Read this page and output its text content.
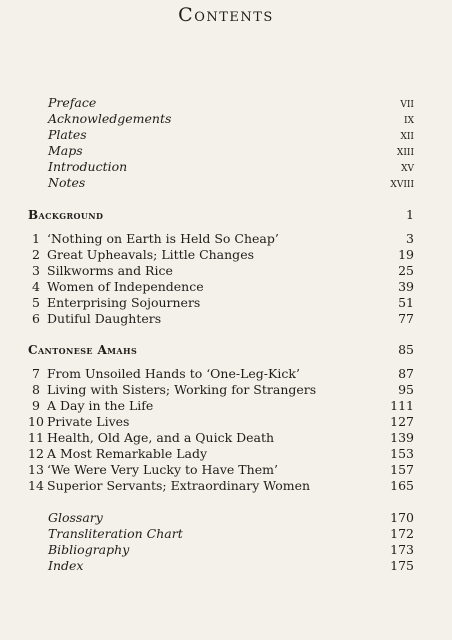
Contents
Preface	vii
Acknowledgements	ix
Plates	xii
Maps	xiii
Introduction	xv
Notes	xviii
Background	1
1 ‘Nothing on Earth is Held So Cheap’	3
2 Great Upheavals; Little Changes	19
3 Silkworms and Rice	25
4 Women of Independence	39
5 Enterprising Sojourners	51
6 Dutiful Daughters	77
Cantonese Amahs	85
7 From Unsoiled Hands to ‘One-Leg-Kick’	87
8 Living with Sisters; Working for Strangers	95
9 A Day in the Life	111
10 Private Lives	127
11 Health, Old Age, and a Quick Death	139
12 A Most Remarkable Lady	153
13 ‘We Were Very Lucky to Have Them’	157
14 Superior Servants; Extraordinary Women	165
Glossary	170
Transliteration Chart	172
Bibliography	173
Index	175
